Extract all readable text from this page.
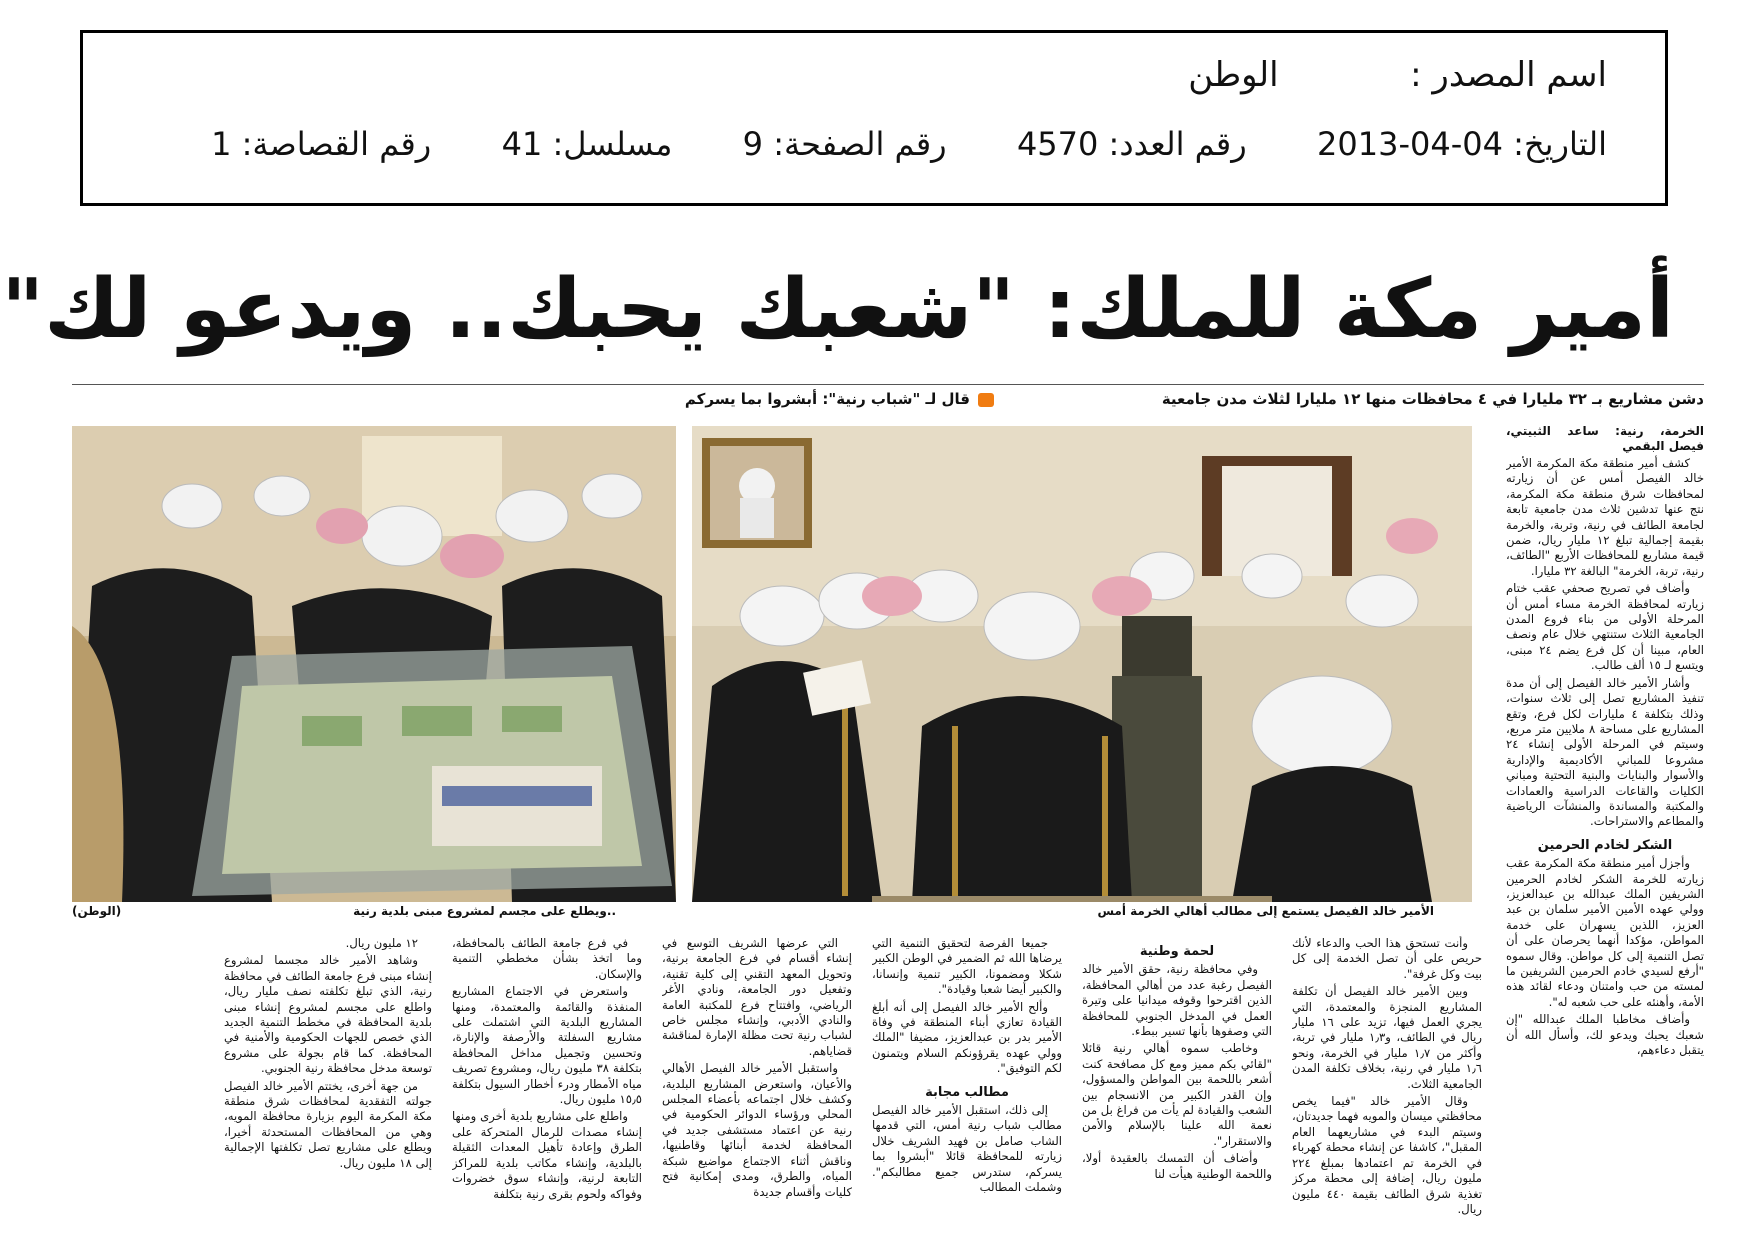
اسم المصدر :  الوطن
التاريخ: 04-04-2013  رقم العدد: 4570  رقم الصفحة: 9  مسلسل: 41  رقم القصاصة: 1
أمير مكة للملك: "شعبك يحبك.. ويدعو لك"
دشن مشاريع بـ ٣٢ مليارا في ٤ محافظات منها ١٢ مليارا لثلاث مدن جامعية
قال لـ "شباب رنية": أبشروا بما يسركم
الأمير خالد الفيصل يستمع إلى مطالب أهالي الخرمة أمس
..ويطلع على مجسم لمشروع مبنى بلدية رنية
(الوطن)

الخرمة، رنية: ساعد الثبيتي، فيصل البقمي

كشف أمير منطقة مكة المكرمة الأمير خالد الفيصل أمس عن أن زيارته لمحافظات شرق منطقة مكة المكرمة، نتج عنها تدشين ثلاث مدن جامعية تابعة لجامعة الطائف في رنية، وتربة، والخرمة بقيمة إجمالية تبلغ ١٢ مليار ريال، ضمن قيمة مشاريع للمحافظات الأربع "الطائف، رنية، تربة، الخرمة" البالغة ٣٢ مليارا.

وأضاف في تصريح صحفي عقب ختام زيارته لمحافظة الخرمة مساء أمس أن المرحلة الأولى من بناء فروع المدن الجامعية الثلاث ستنتهي خلال عام ونصف العام، مبينا أن كل فرع يضم ٢٤ مبنى، ويتسع لـ ١٥ ألف طالب.

وأشار الأمير خالد الفيصل إلى أن مدة تنفيذ المشاريع تصل إلى ثلاث سنوات، وذلك بتكلفة ٤ مليارات لكل فرع، وتقع المشاريع على مساحة ٨ ملايين متر مربع، وسيتم في المرحلة الأولى إنشاء ٢٤ مشروعا للمباني الأكاديمية والإدارية والأسوار والبنايات والبنية التحتية ومباني الكليات والقاعات الدراسية والعمادات والمكتبة والمساندة والمنشآت الرياضية والمطاعم والاستراحات.

الشكر لخادم الحرمين

وأجزل أمير منطقة مكة المكرمة عقب زيارته للخرمة الشكر لخادم الحرمين الشريفين الملك عبدالله بن عبدالعزيز، وولي عهده الأمين الأمير سلمان بن عبد العزيز، اللذين يسهران على خدمة المواطن، مؤكدا أنهما يحرصان على أن تصل التنمية إلى كل مواطن. وقال سموه "أرفع لسيدي خادم الحرمين الشريفين ما لمسته من حب وامتنان ودعاء لقائد هذه الأمة، وأهنئه على حب شعبه له".

وأضاف مخاطبا الملك عبدالله "إن شعبك يحبك ويدعو لك، وأسأل الله أن يتقبل دعاءهم،

وأنت تستحق هذا الحب والدعاء لأنك حريص على أن تصل الخدمة إلى كل بيت وكل غرفة".

وبين الأمير خالد الفيصل أن تكلفة المشاريع المنجزة والمعتمدة، التي يجري العمل فيها، تزيد على ١٦ مليار ريال في الطائف، و١٫٣ مليار في تربة، وأكثر من ١٫٧ مليار في الخرمة، ونحو ١٫٦ مليار في رنية، بخلاف تكلفة المدن الجامعية الثلاث.

وقال الأمير خالد "فيما يخص محافظتي ميسان والمويه فهما جديدتان، وسيتم البدء في مشاريعهما العام المقبل"، كاشفا عن إنشاء محطة كهرباء في الخرمة تم اعتمادها بمبلغ ٢٢٤ مليون ريال، إضافة إلى محطة مركز تغذية شرق الطائف بقيمة ٤٤٠ مليون ريال.

لحمة وطنية

وفي محافظة رنية، حقق الأمير خالد الفيصل رغبة عدد من أهالي المحافظة، الذين اقترحوا وقوفه ميدانيا على وتيرة العمل في المدخل الجنوبي للمحافظة التي وصفوها بأنها تسير ببطء.

وخاطب سموه أهالي رنية قائلا "لقائي بكم مميز ومع كل مصافحة كنت أشعر باللحمة بين المواطن والمسؤول، وإن القدر الكبير من الانسجام بين الشعب والقيادة لم يأت من فراغ بل من نعمة الله علينا بالإسلام والأمن والاستقرار".

وأضاف أن التمسك بالعقيدة أولا، واللحمة الوطنية هيأت لنا

جميعا الفرصة لتحقيق التنمية التي يرضاها الله ثم الضمير في الوطن الكبير شكلا ومضمونا، الكبير تنمية وإنسانا، والكبير أيضا شعبا وقيادة".

وألح الأمير خالد الفيصل إلى أنه أبلغ القيادة تعازي أبناء المنطقة في وفاة الأمير بدر بن عبدالعزيز، مضيفا "الملك وولي عهده يقرؤونكم السلام ويتمنون لكم التوفيق".

مطالب مجابة

إلى ذلك، استقبل الأمير خالد الفيصل مطالب شباب رنية أمس، التي قدمها الشاب صامل بن فهيد الشريف خلال زيارته للمحافظة قائلا "أبشروا بما يسركم، ستدرس جميع مطالبكم". وشملت المطالب

التي عرضها الشريف التوسع في إنشاء أقسام في فرع الجامعة برنية، وتحويل المعهد التقني إلى كلية تقنية، وتفعيل دور الجامعة، ونادي الأغر الرياضي، وافتتاح فرع للمكتبة العامة والنادي الأدبي، وإنشاء مجلس خاص لشباب رنية تحت مظلة الإمارة لمناقشة قضاياهم.

واستقبل الأمير خالد الفيصل الأهالي والأعيان، واستعرض المشاريع البلدية، وكشف خلال اجتماعه بأعضاء المجلس المحلي ورؤساء الدوائر الحكومية في رنية عن اعتماد مستشفى جديد في المحافظة لخدمة أبنائها وقاطنيها، وناقش أثناء الاجتماع مواضيع شبكة المياه، والطرق، ومدى إمكانية فتح كليات وأقسام جديدة

في فرع جامعة الطائف بالمحافظة، وما اتخذ بشأن مخططي التنمية والإسكان.

واستعرض في الاجتماع المشاريع المنفذة والقائمة والمعتمدة، ومنها المشاريع البلدية التي اشتملت على مشاريع السفلتة والأرصفة والإنارة، وتحسين وتجميل مداخل المحافظة بتكلفة ٣٨ مليون ريال، ومشروع تصريف مياه الأمطار ودرء أخطار السيول بتكلفة ١٥٫٥ مليون ريال.

واطلع على مشاريع بلدية أخرى ومنها إنشاء مصدات للرمال المتحركة على الطرق وإعادة تأهيل المعدات الثقيلة بالبلدية، وإنشاء مكاتب بلدية للمراكز التابعة لرنية، وإنشاء سوق خضروات وفواكه ولحوم بقرى رنية بتكلفة

١٢ مليون ريال.

وشاهد الأمير خالد مجسما لمشروع إنشاء مبنى فرع جامعة الطائف في محافظة رنية، الذي تبلغ تكلفته نصف مليار ريال، واطلع على مجسم لمشروع إنشاء مبنى بلدية المحافظة في مخطط التنمية الجديد الذي خصص للجهات الحكومية والأمنية في المحافظة. كما قام بجولة على مشروع توسعة مدخل محافظة رنية الجنوبي.

من جهة أخرى، يختتم الأمير خالد الفيصل جولته التفقدية لمحافظات شرق منطقة مكة المكرمة اليوم بزيارة محافظة المويه، وهي من المحافظات المستحدثة أخيرا، ويطلع على مشاريع تصل تكلفتها الإجمالية إلى ١٨ مليون ريال.
